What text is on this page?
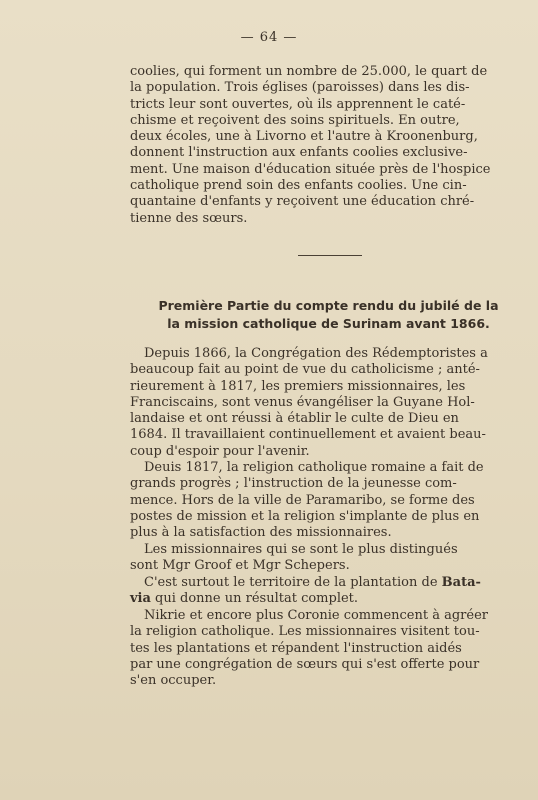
— 64 —

coolies, qui forment un nombre de 25.000, le quart de
la population. Trois églises (paroisses) dans les dis-
tricts leur sont ouvertes, où ils apprennent le caté-
chisme et reçoivent des soins spirituels. En outre,
deux écoles, une à Livorno et l'autre à Kroonenburg,
donnent l'instruction aux enfants coolies exclusive-
ment. Une maison d'éducation située près de l'hospice
catholique prend soin des enfants coolies. Une cin-
quantaine d'enfants y reçoivent une éducation chré-
tienne des sœurs.

Première Partie du compte rendu du jubilé de la
la mission catholique de Surinam avant 1866.

Depuis 1866, la Congrégation des Rédemptoristes a
beaucoup fait au point de vue du catholicisme ; anté-
rieurement à 1817, les premiers missionnaires, les
Franciscains, sont venus évangéliser la Guyane Hol-
landaise et ont réussi à établir le culte de Dieu en
1684. Il travaillaient continuellement et avaient beau-
coup d'espoir pour l'avenir.

Deuis 1817, la religion catholique romaine a fait de
grands progrès ; l'instruction de la jeunesse com-
mence. Hors de la ville de Paramaribo, se forme des
postes de mission et la religion s'implante de plus en
plus à la satisfaction des missionnaires.

Les missionnaires qui se sont le plus distingués
sont Mgr Groof et Mgr Schepers.

C'est surtout le territoire de la plantation de Bata-
via qui donne un résultat complet.

Nikrie et encore plus Coronie commencent à agréer
la religion catholique. Les missionnaires visitent tou-
tes les plantations et répandent l'instruction aidés
par une congrégation de sœurs qui s'est offerte pour
s'en occuper.
